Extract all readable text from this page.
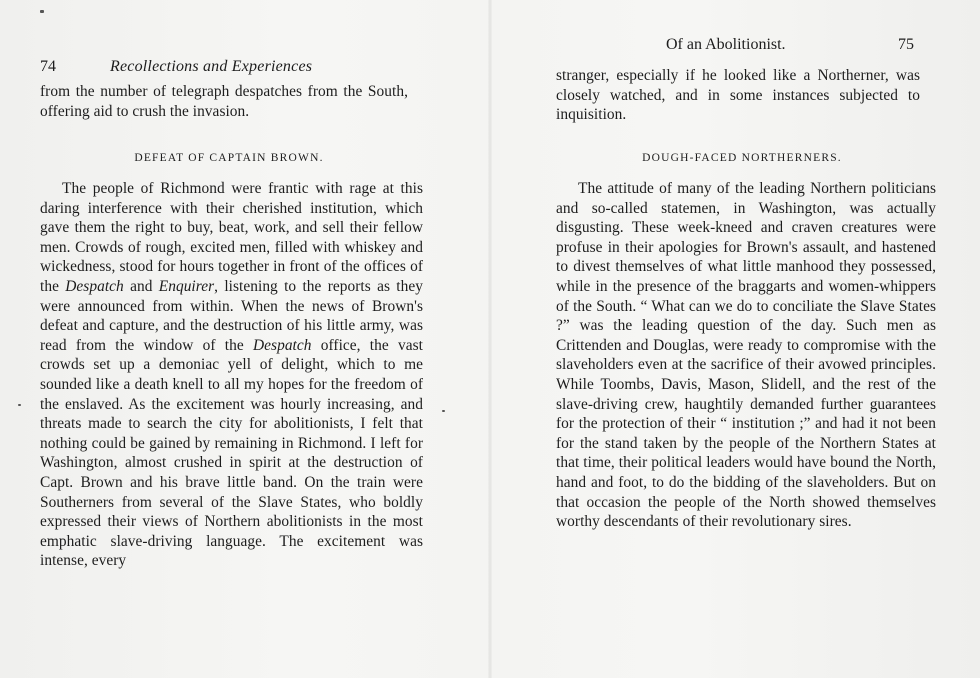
74	Recollections and Experiences

from the number of telegraph despatches from the South, offering aid to crush the invasion.

DEFEAT OF CAPTAIN BROWN.

The people of Richmond were frantic with rage at this daring interference with their cherished institution, which gave them the right to buy, beat, work, and sell their fellow men. Crowds of rough, excited men, filled with whiskey and wickedness, stood for hours together in front of the offices of the Despatch and Enquirer, listening to the reports as they were announced from within. When the news of Brown's defeat and capture, and the destruction of his little army, was read from the window of the Despatch office, the vast crowds set up a demoniac yell of delight, which to me sounded like a death knell to all my hopes for the freedom of the enslaved. As the excitement was hourly increasing, and threats made to search the city for abolitionists, I felt that nothing could be gained by remaining in Richmond. I left for Washington, almost crushed in spirit at the destruction of Capt. Brown and his brave little band. On the train were Southerners from several of the Slave States, who boldly expressed their views of Northern abolitionists in the most emphatic slave-driving language. The excitement was intense, every

Of an Abolitionist.	75

stranger, especially if he looked like a Northerner, was closely watched, and in some instances subjected to inquisition.

DOUGH-FACED NORTHERNERS.

The attitude of many of the leading Northern politicians and so-called statemen, in Washington, was actually disgusting. These week-kneed and craven creatures were profuse in their apologies for Brown's assault, and hastened to divest themselves of what little manhood they possessed, while in the presence of the braggarts and women-whippers of the South. “ What can we do to conciliate the Slave States ?” was the leading question of the day. Such men as Crittenden and Douglas, were ready to compromise with the slaveholders even at the sacrifice of their avowed principles. While Toombs, Davis, Mason, Slidell, and the rest of the slave-driving crew, haughtily demanded further guarantees for the protection of their “ institution ;” and had it not been for the stand taken by the people of the Northern States at that time, their political leaders would have bound the North, hand and foot, to do the bidding of the slaveholders. But on that occasion the people of the North showed themselves worthy descendants of their revolutionary sires.
